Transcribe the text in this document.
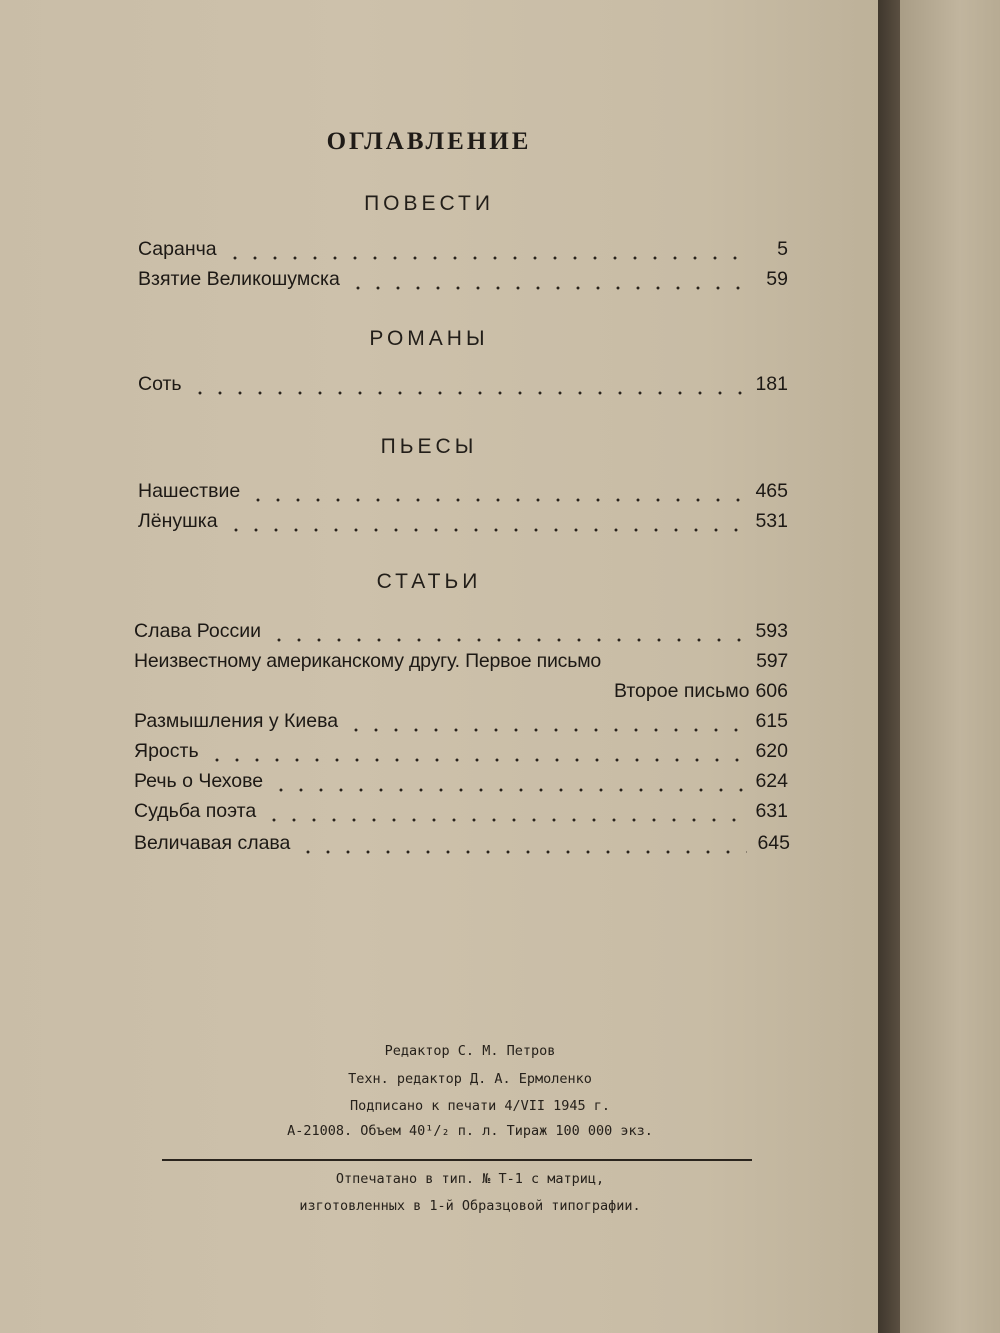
ОГЛАВЛЕНИЕ
ПОВЕСТИ
Саранча	5
Взятие Великошумска	59
РОМАНЫ
Соть	181
ПЬЕСЫ
Нашествие	465
Лёнушка	531
СТАТЬИ
Слава России	593
Неизвестному американскому другу. Первое письмо	597
Второе письмо 606
Размышления у Киева	615
Ярость	620
Речь о Чехове	624
Судьба поэта	631
Величавая слава	645
Редактор С. М. Петров
Техн. редактор Д. А. Ермоленко
Подписано к печати 4/VII 1945 г.
А-21008. Объем 40¹/₂ п. л. Тираж 100 000 экз.
Отпечатано в тип. № Т-1 с матриц,
изготовленных в 1-й Образцовой типографии.
